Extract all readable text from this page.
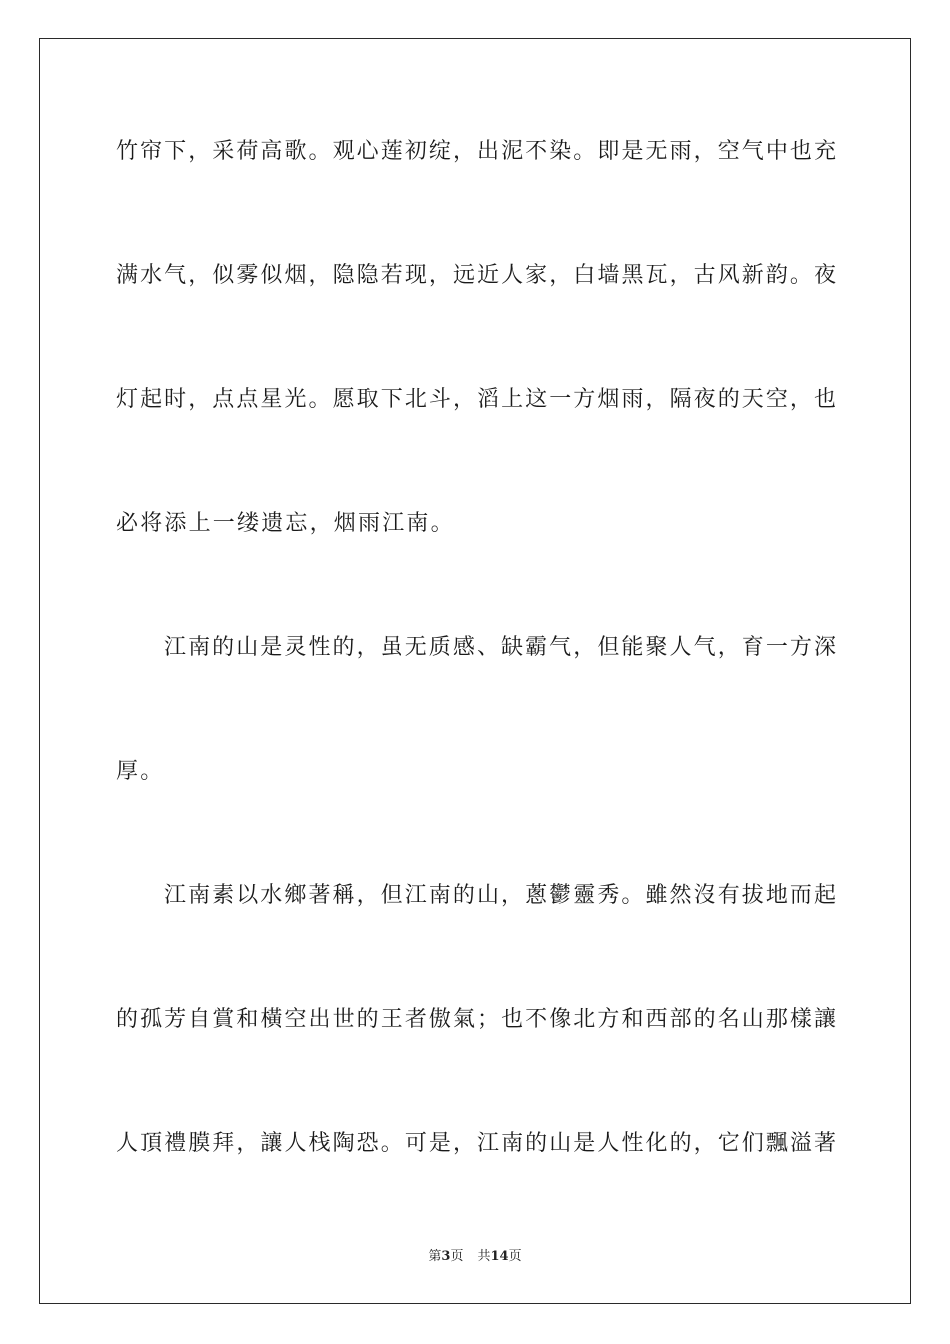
竹帘下，采荷高歌。观心莲初绽，出泥不染。即是无雨，空气中也充
满水气，似雾似烟，隐隐若现，远近人家，白墙黑瓦，古风新韵。夜
灯起时，点点星光。愿取下北斗，滔上这一方烟雨，隔夜的天空，也
必将添上一缕遗忘，烟雨江南。
江南的山是灵性的，虽无质感、缺霸气，但能聚人气，育一方深
厚。
江南素以水鄉著稱，但江南的山，蔥鬱靈秀。雖然沒有拔地而起
的孤芳自賞和橫空出世的王者傲氣；也不像北方和西部的名山那樣讓
人頂禮膜拜，讓人栈陶恐。可是，江南的山是人性化的，它们飄溢著
第3页 共14页
